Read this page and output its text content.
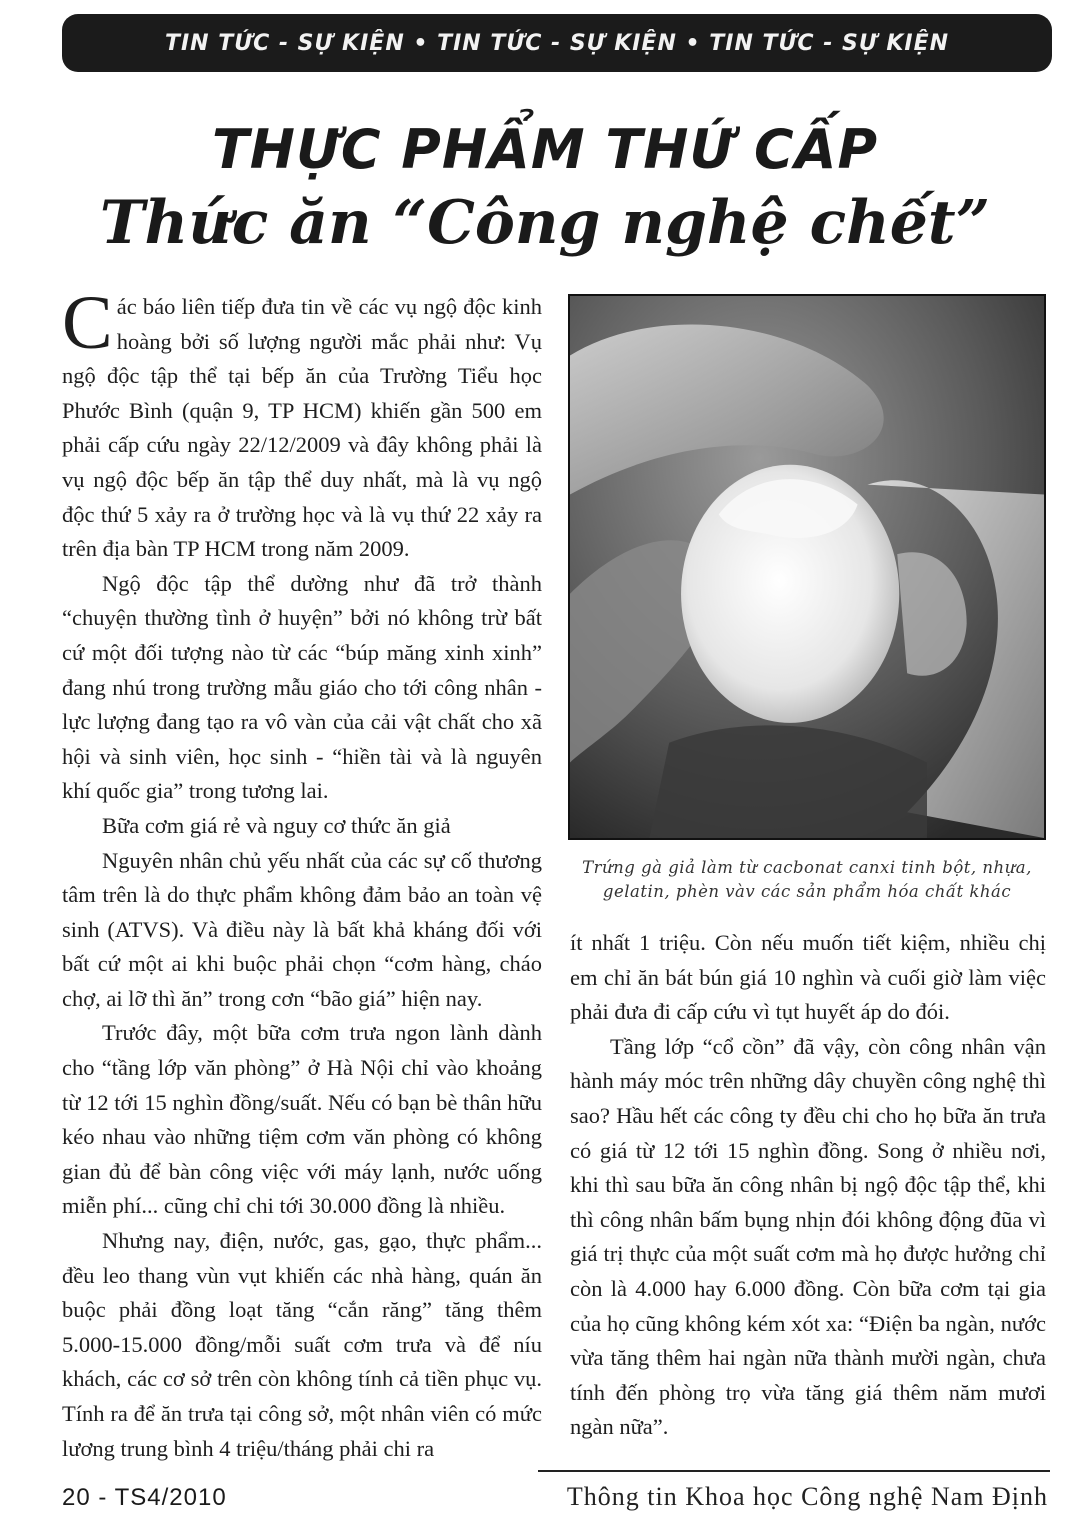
TIN TỨC - SỰ KIỆN • TIN TỨC - SỰ KIỆN • TIN TỨC - SỰ KIỆN
THỰC PHẨM THỨ CẤP
Thức ăn “Công nghệ chết”

Các báo liên tiếp đưa tin về các vụ ngộ độc kinh hoàng bởi số lượng người mắc phải như: Vụ ngộ độc tập thể tại bếp ăn của Trường Tiểu học Phước Bình (quận 9, TP HCM) khiến gần 500 em phải cấp cứu ngày 22/12/2009 và đây không phải là vụ ngộ độc bếp ăn tập thể duy nhất, mà là vụ ngộ độc thứ 5 xảy ra ở trường học và là vụ thứ 22 xảy ra trên địa bàn TP HCM trong năm 2009.

Ngộ độc tập thể dường như đã trở thành “chuyện thường tình ở huyện” bởi nó không trừ bất cứ một đối tượng nào từ các “búp măng xinh xinh” đang nhú trong trường mẫu giáo cho tới công nhân - lực lượng đang tạo ra vô vàn của cải vật chất cho xã hội và sinh viên, học sinh - “hiền tài và là nguyên khí quốc gia” trong tương lai.

Bữa cơm giá rẻ và nguy cơ thức ăn giả

Nguyên nhân chủ yếu nhất của các sự cố thương tâm trên là do thực phẩm không đảm bảo an toàn vệ sinh (ATVS). Và điều này là bất khả kháng đối với bất cứ một ai khi buộc phải chọn “cơm hàng, cháo chợ, ai lỡ thì ăn” trong cơn “bão giá” hiện nay.

Trước đây, một bữa cơm trưa ngon lành dành cho “tầng lớp văn phòng” ở Hà Nội chỉ vào khoảng từ 12 tới 15 nghìn đồng/suất. Nếu có bạn bè thân hữu kéo nhau vào những tiệm cơm văn phòng có không gian đủ để bàn công việc với máy lạnh, nước uống miễn phí... cũng chỉ chi tới 30.000 đồng là nhiều.

Nhưng nay, điện, nước, gas, gạo, thực phẩm... đều leo thang vùn vụt khiến các nhà hàng, quán ăn buộc phải đồng loạt tăng “cắn răng” tăng thêm 5.000-15.000 đồng/mỗi suất cơm trưa và để níu khách, các cơ sở trên còn không tính cả tiền phục vụ. Tính ra để ăn trưa tại công sở, một nhân viên có mức lương trung bình 4 triệu/tháng phải chi ra

Trứng gà giả làm từ cacbonat canxi tinh bột, nhựa, gelatin, phèn vàv các sản phẩm hóa chất khác

ít nhất 1 triệu. Còn nếu muốn tiết kiệm, nhiều chị em chỉ ăn bát bún giá 10 nghìn và cuối giờ làm việc phải đưa đi cấp cứu vì tụt huyết áp do đói.

Tầng lớp “cổ cồn” đã vậy, còn công nhân vận hành máy móc trên những dây chuyền công nghệ thì sao? Hầu hết các công ty đều chi cho họ bữa ăn trưa có giá từ 12 tới 15 nghìn đồng. Song ở nhiều nơi, khi thì sau bữa ăn công nhân bị ngộ độc tập thể, khi thì công nhân bấm bụng nhịn đói không động đũa vì giá trị thực của một suất cơm mà họ được hưởng chỉ còn là 4.000 hay 6.000 đồng. Còn bữa cơm tại gia của họ cũng không kém xót xa: “Điện ba ngàn, nước vừa tăng thêm hai ngàn nữa thành mười ngàn, chưa tính đến phòng trọ vừa tăng giá thêm năm mươi ngàn nữa”.

20 - TS4/2010	Thông tin Khoa học Công nghệ Nam Định
